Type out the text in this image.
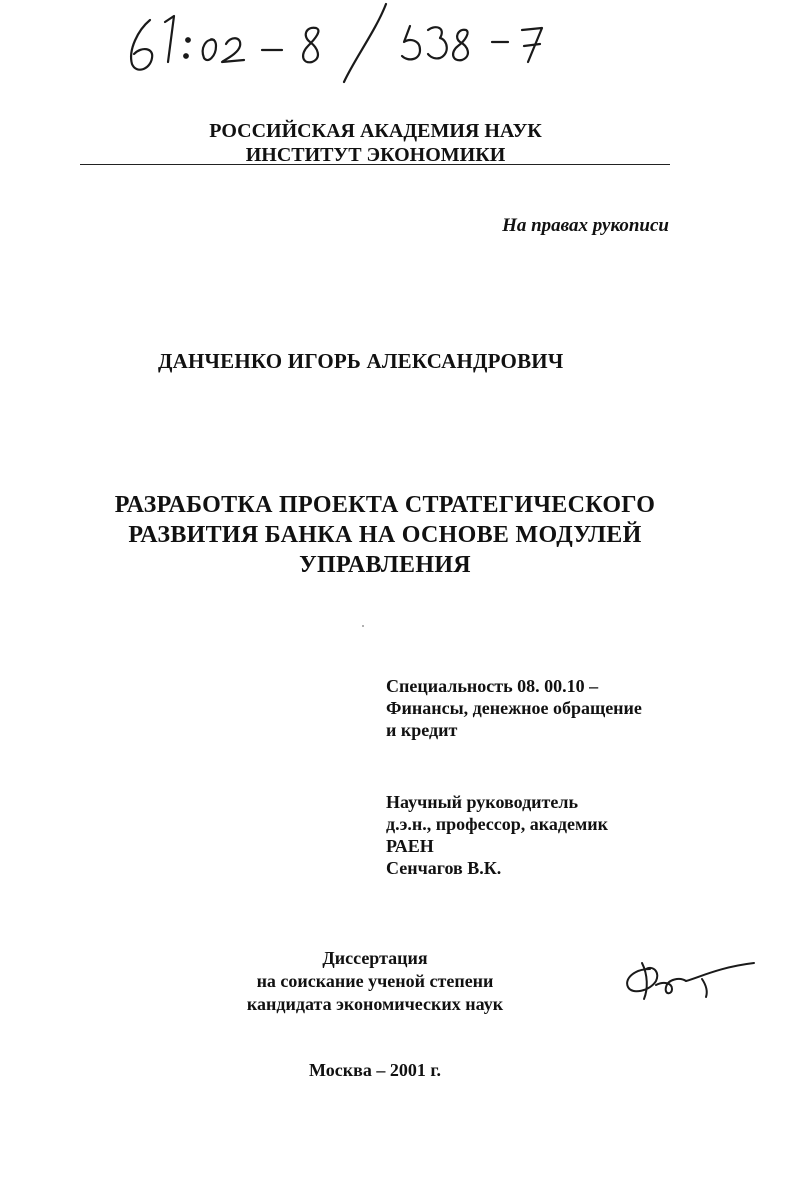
РОССИЙСКАЯ АКАДЕМИЯ НАУК
ИНСТИТУТ ЭКОНОМИКИ
На правах рукописи
ДАНЧЕНКО ИГОРЬ АЛЕКСАНДРОВИЧ
РАЗРАБОТКА ПРОЕКТА СТРАТЕГИЧЕСКОГО
РАЗВИТИЯ БАНКА НА ОСНОВЕ МОДУЛЕЙ
УПРАВЛЕНИЯ
Специальность 08. 00.10 –
Финансы, денежное обращение
и кредит
Научный руководитель
д.э.н., профессор, академик
РАЕН
Сенчагов В.К.
Диссертация
на соискание ученой степени
кандидата экономических наук
Москва – 2001 г.
